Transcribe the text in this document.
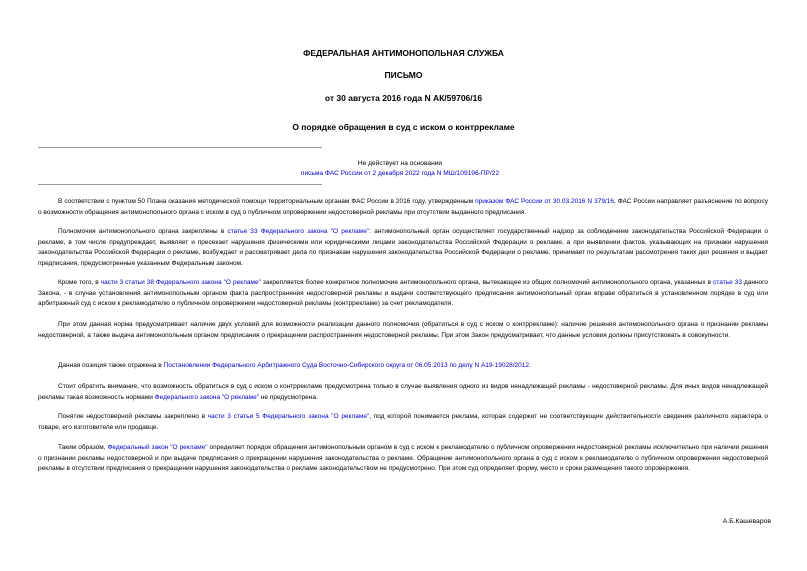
ФЕДЕРАЛЬНАЯ АНТИМОНОПОЛЬНАЯ СЛУЖБА
ПИСЬМО
от 30 августа 2016 года N АК/59706/16
О порядке обращения в суд с иском о контррекламе
Не действует на основании
письма ФАС России от 2 декабря 2022 года N МШ/109196-ПР/22
В соответствии с пунктом 50 Плана оказания методической помощи территориальным органам ФАС России в 2016 году, утвержденным приказом ФАС России от 30.03.2016 N 379/16, ФАС России направляет разъяснение по вопросу о возможности обращения антимонопольного органа с иском в суд о публичном опровержении недостоверной рекламы при отсутствии выданного предписания.
Полномочия антимонопольного органа закреплены в статье 33 Федерального закона "О рекламе": антимонопольный орган осуществляет государственный надзор за соблюдением законодательства Российской Федерации о рекламе, в том числе предупреждает, выявляет и пресекает нарушения физическими или юридическими лицами законодательства Российской Федерации о рекламе, а при выявлении фактов, указывающих на признаки нарушения законодательства Российской Федерации о рекламе, возбуждает и рассматривает дела по признакам нарушения законодательства Российской Федерации о рекламе, принимает по результатам рассмотрения таких дел решения и выдает предписания, предусмотренные указанным Федеральным законом.
Кроме того, в части 3 статьи 38 Федерального закона "О рекламе" закрепляется более конкретное полномочие антимонопольного органа, вытекающее из общих полномочий антимонопольного органа, указанных в статье 33 данного Закона, - в случае установления антимонопольным органом факта распространения недостоверной рекламы и выдачи соответствующего предписания антимонопольный орган вправе обратиться в установленном порядке в суд или арбитражный суд с иском к рекламодателю о публичном опровержении недостоверной рекламы (контррекламе) за счет рекламодателя.
При этом данная норма предусматривает наличие двух условий для возможности реализации данного полномочия (обратиться в суд с иском о контррекламе): наличие решения антимонопольного органа о признании рекламы недостоверной, а также выдача антимонопольным органом предписания о прекращении распространения недостоверной рекламы. При этом Закон предусматривает, что данные условия должны присутствовать в совокупности.
Данная позиция также отражена в Постановлении Федерального Арбитражного Суда Восточно-Сибирского округа от 06.05.2013 по делу N А19-19028/2012.
Стоит обратить внимание, что возможность обратиться в суд с иском о контррекламе предусмотрена только в случае выявления одного из видов ненадлежащей рекламы - недостоверной рекламы. Для иных видов ненадлежащей рекламы такая возможность нормами Федерального закона "О рекламе" не предусмотрена.
Понятие недостоверной рекламы закреплено в части 3 статьи 5 Федерального закона "О рекламе", под которой понимается реклама, которая содержит не соответствующие действительности сведения различного характера о товаре, его изготовителе или продавце.
Таким образом, Федеральный закон "О рекламе" определяет порядок обращения антимонопольным органом в суд с иском к рекламодателю о публичном опровержении недостоверной рекламы исключительно при наличии решения о признании рекламы недостоверной и при выдаче предписания о прекращении нарушения законодательства о рекламе. Обращение антимонопольного органа в суд с иском к рекламодателю о публичном опровержении недостоверной рекламы в отсутствии предписания о прекращении нарушения законодательства о рекламе законодательством не предусмотрено. При этом суд определяет форму, место и сроки размещения такого опровержения.
А.Б.Кашеваров
